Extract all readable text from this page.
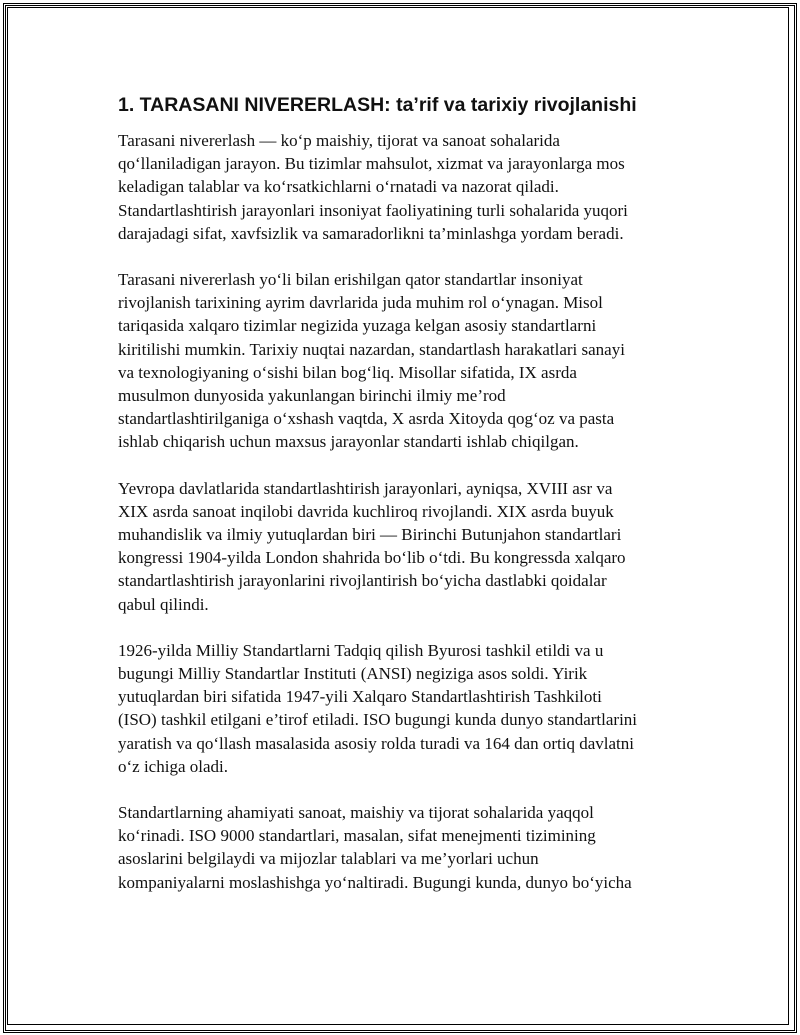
1. TARASANI NIVERERLASH: ta’rif va tarixiy rivojlanishi

Tarasani nivererlash — ko‘p maishiy, tijorat va sanoat sohalarida
qo‘llaniladigan jarayon. Bu tizimlar mahsulot, xizmat va jarayonlarga mos
keladigan talablar va ko‘rsatkichlarni o‘rnatadi va nazorat qiladi.
Standartlashtirish jarayonlari insoniyat faoliyatining turli sohalarida yuqori
darajadagi sifat, xavfsizlik va samaradorlikni ta’minlashga yordam beradi.

Tarasani nivererlash yo‘li bilan erishilgan qator standartlar insoniyat
rivojlanish tarixining ayrim davrlarida juda muhim rol o‘ynagan. Misol
tariqasida xalqaro tizimlar negizida yuzaga kelgan asosiy standartlarni
kiritilishi mumkin. Tarixiy nuqtai nazardan, standartlash harakatlari sanayi
va texnologiyaning o‘sishi bilan bog‘liq. Misollar sifatida, IX asrda
musulmon dunyosida yakunlangan birinchi ilmiy me’rod
standartlashtirilganiga o‘xshash vaqtda, X asrda Xitoyda qog‘oz va pasta
ishlab chiqarish uchun maxsus jarayonlar standarti ishlab chiqilgan.

Yevropa davlatlarida standartlashtirish jarayonlari, ayniqsa, XVIII asr va
XIX asrda sanoat inqilobi davrida kuchliroq rivojlandi. XIX asrda buyuk
muhandislik va ilmiy yutuqlardan biri — Birinchi Butunjahon standartlari
kongressi 1904-yilda London shahrida bo‘lib o‘tdi. Bu kongressda xalqaro
standartlashtirish jarayonlarini rivojlantirish bo‘yicha dastlabki qoidalar
qabul qilindi.

1926-yilda Milliy Standartlarni Tadqiq qilish Byurosi tashkil etildi va u
bugungi Milliy Standartlar Instituti (ANSI) negiziga asos soldi. Yirik
yutuqlardan biri sifatida 1947-yili Xalqaro Standartlashtirish Tashkiloti
(ISO) tashkil etilgani e’tirof etiladi. ISO bugungi kunda dunyo standartlarini
yaratish va qo‘llash masalasida asosiy rolda turadi va 164 dan ortiq davlatni
o‘z ichiga oladi.

Standartlarning ahamiyati sanoat, maishiy va tijorat sohalarida yaqqol
ko‘rinadi. ISO 9000 standartlari, masalan, sifat menejmenti tizimining
asoslarini belgilaydi va mijozlar talablari va me’yorlari uchun
kompaniyalarni moslashishga yo‘naltiradi. Bugungi kunda, dunyo bo‘yicha
